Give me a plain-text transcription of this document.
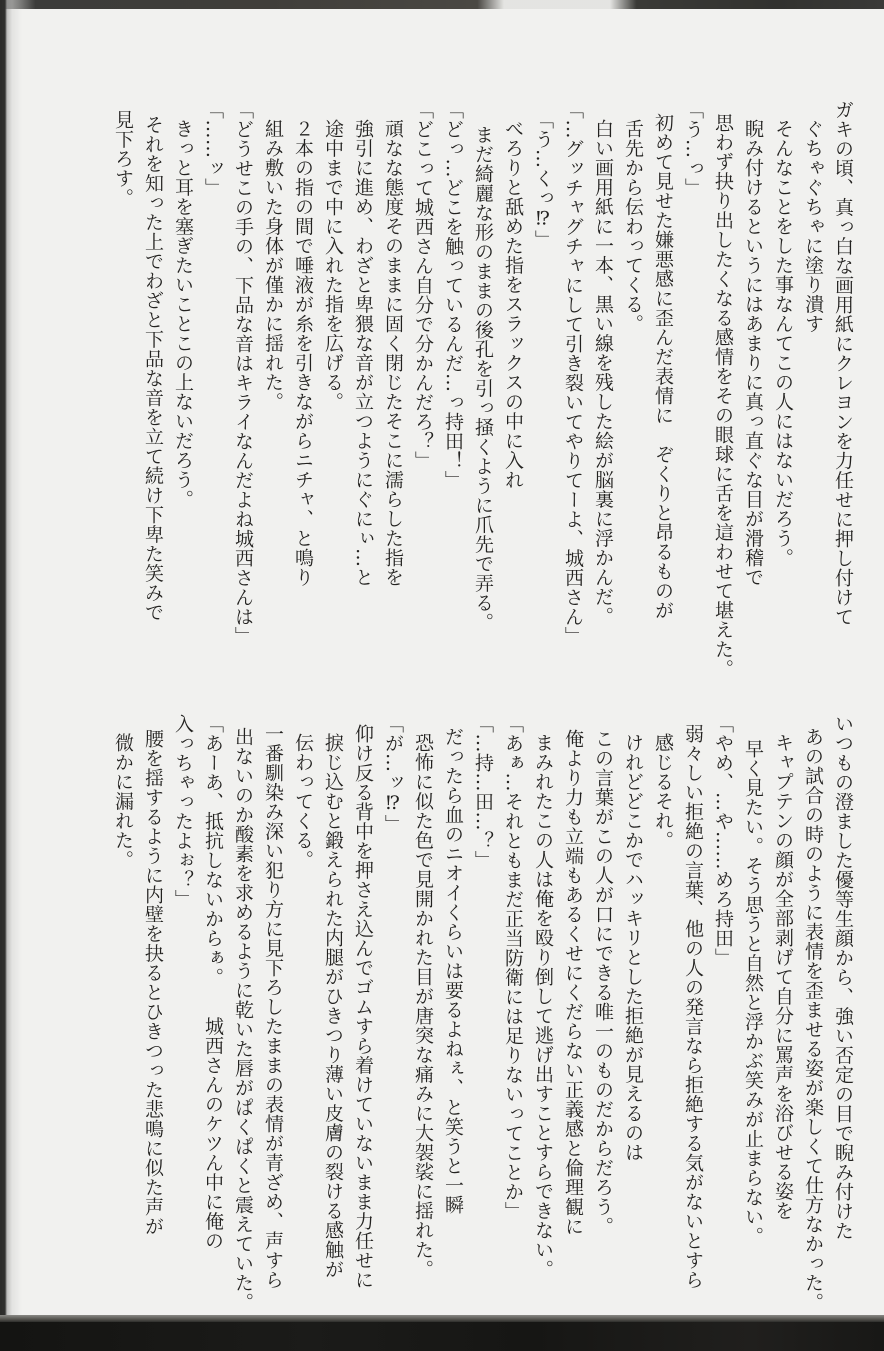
ガキの頃、真っ白な画用紙にクレヨンを力任せに押し付けて
ぐちゃぐちゃに塗り潰す
そんなことをした事なんてこの人にはないだろう。
睨み付けるというにはあまりに真っ直ぐな目が滑稽で
思わず抉り出したくなる感情をその眼球に舌を這わせて堪えた。
「う…っ」
初めて見せた嫌悪感に歪んだ表情に　ぞくりと昂るものが
舌先から伝わってくる。
白い画用紙に一本、黒い線を残した絵が脳裏に浮かんだ。
「…グッチャグチャにして引き裂いてやりてーよ、城西さん」
「う…くっ⁉」
べろりと舐めた指をスラックスの中に入れ
まだ綺麗な形のままの後孔を引っ掻くように爪先で弄る。
「どっ…どこを触っているんだ…っ持田！」
「どこって城西さん自分で分かんだろ？」
頑なな態度そのままに固く閉じたそこに濡らした指を
強引に進め、わざと卑猥な音が立つようにぐにぃ…と
途中まで中に入れた指を広げる。
２本の指の間で唾液が糸を引きながらニチャ、と鳴り
組み敷いた身体が僅かに揺れた。
「どうせこの手の、下品な音はキライなんだよね城西さんは」
「……ッ」
きっと耳を塞ぎたいことこの上ないだろう。
それを知った上でわざと下品な音を立て続け下卑た笑みで
見下ろす。
いつもの澄ました優等生顔から、強い否定の目で睨み付けた
あの試合の時のように表情を歪ませる姿が楽しくて仕方なかった。
キャプテンの顔が全部剥げて自分に罵声を浴びせる姿を
早く見たい。そう思うと自然と浮かぶ笑みが止まらない。
「やめ、…や……めろ持田」
弱々しい拒絶の言葉、他の人の発言なら拒絶する気がないとすら
感じるそれ。
けれどどこかでハッキリとした拒絶が見えるのは
この言葉がこの人が口にできる唯一のものだからだろう。
俺より力も立端もあるくせにくだらない正義感と倫理観に
まみれたこの人は俺を殴り倒して逃げ出すことすらできない。
「あぁ…それともまだ正当防衛には足りないってことか」
「…持…田…？」
だったら血のニオイくらいは要るよねぇ、と笑うと一瞬
恐怖に似た色で見開かれた目が唐突な痛みに大袈裟に揺れた。
「が…ッ⁉」
仰け反る背中を押さえ込んでゴムすら着けていないまま力任せに
捩じ込むと鍛えられた内腿がひきつり薄い皮膚の裂ける感触が
伝わってくる。
一番馴染み深い犯り方に見下ろしたままの表情が青ざめ、声すら
出ないのか酸素を求めるように乾いた唇がぱくぱくと震えていた。
「あーあ、抵抗しないからぁ。　　城西さんのケツん中に俺の
入っちゃったよぉ？」
腰を揺するように内壁を抉るとひきつった悲鳴に似た声が
微かに漏れた。
